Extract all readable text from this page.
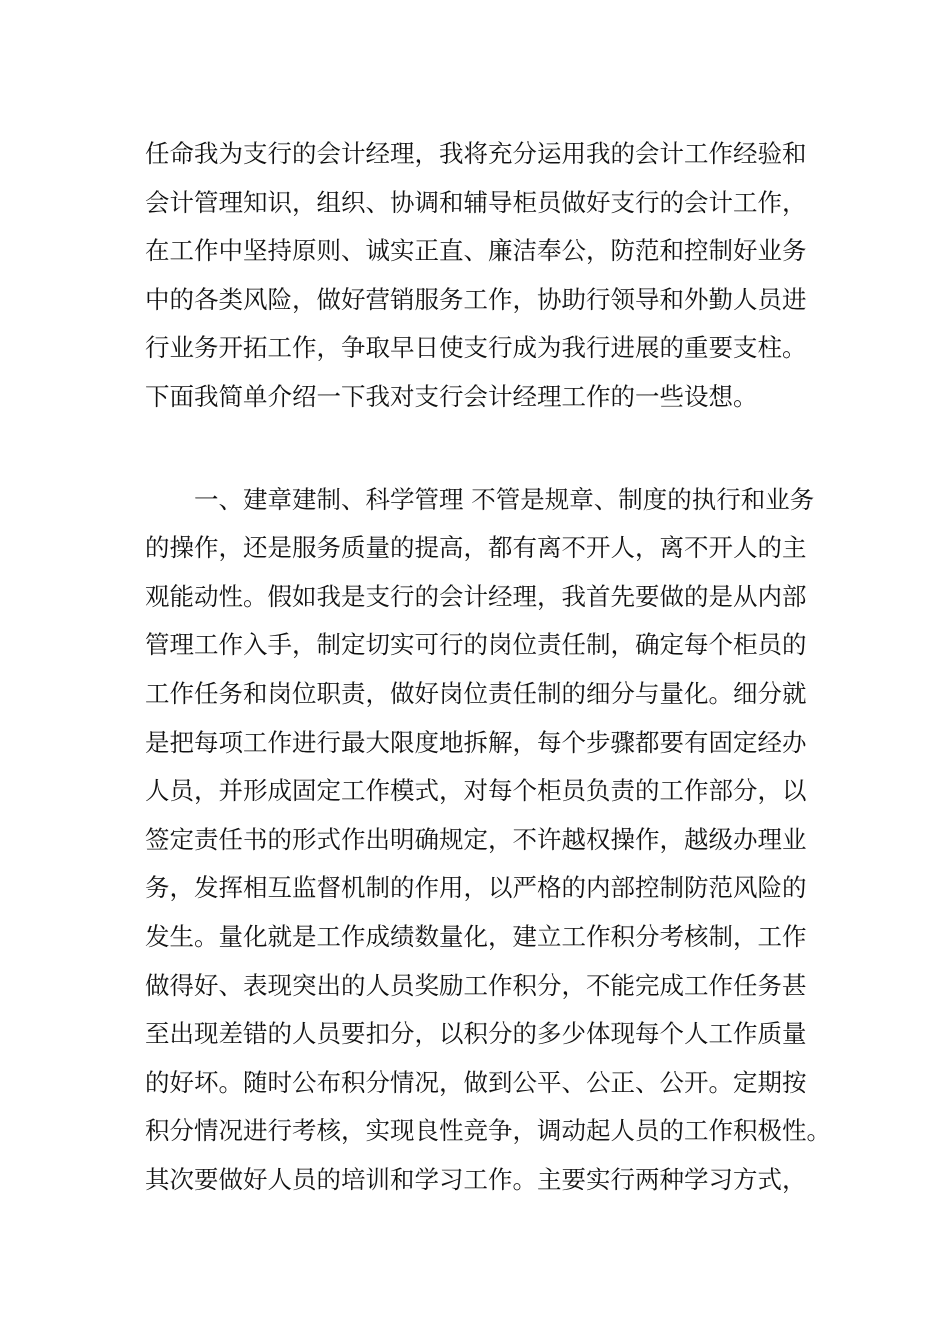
任命我为支行的会计经理，我将充分运用我的会计工作经验和
会计管理知识，组织、协调和辅导柜员做好支行的会计工作，
在工作中坚持原则、诚实正直、廉洁奉公，防范和控制好业务
中的各类风险，做好营销服务工作，协助行领导和外勤人员进
行业务开拓工作，争取早日使支行成为我行进展的重要支柱。
下面我简单介绍一下我对支行会计经理工作的一些设想。
一、建章建制、科学管理 不管是规章、制度的执行和业务
的操作，还是服务质量的提高，都有离不开人，离不开人的主
观能动性。假如我是支行的会计经理，我首先要做的是从内部
管理工作入手，制定切实可行的岗位责任制，确定每个柜员的
工作任务和岗位职责，做好岗位责任制的细分与量化。细分就
是把每项工作进行最大限度地拆解，每个步骤都要有固定经办
人员，并形成固定工作模式，对每个柜员负责的工作部分，以
签定责任书的形式作出明确规定，不许越权操作，越级办理业
务，发挥相互监督机制的作用，以严格的内部控制防范风险的
发生。量化就是工作成绩数量化，建立工作积分考核制，工作
做得好、表现突出的人员奖励工作积分，不能完成工作任务甚
至出现差错的人员要扣分，以积分的多少体现每个人工作质量
的好坏。随时公布积分情况，做到公平、公正、公开。定期按
积分情况进行考核，实现良性竞争，调动起人员的工作积极性。
其次要做好人员的培训和学习工作。主要实行两种学习方式，
